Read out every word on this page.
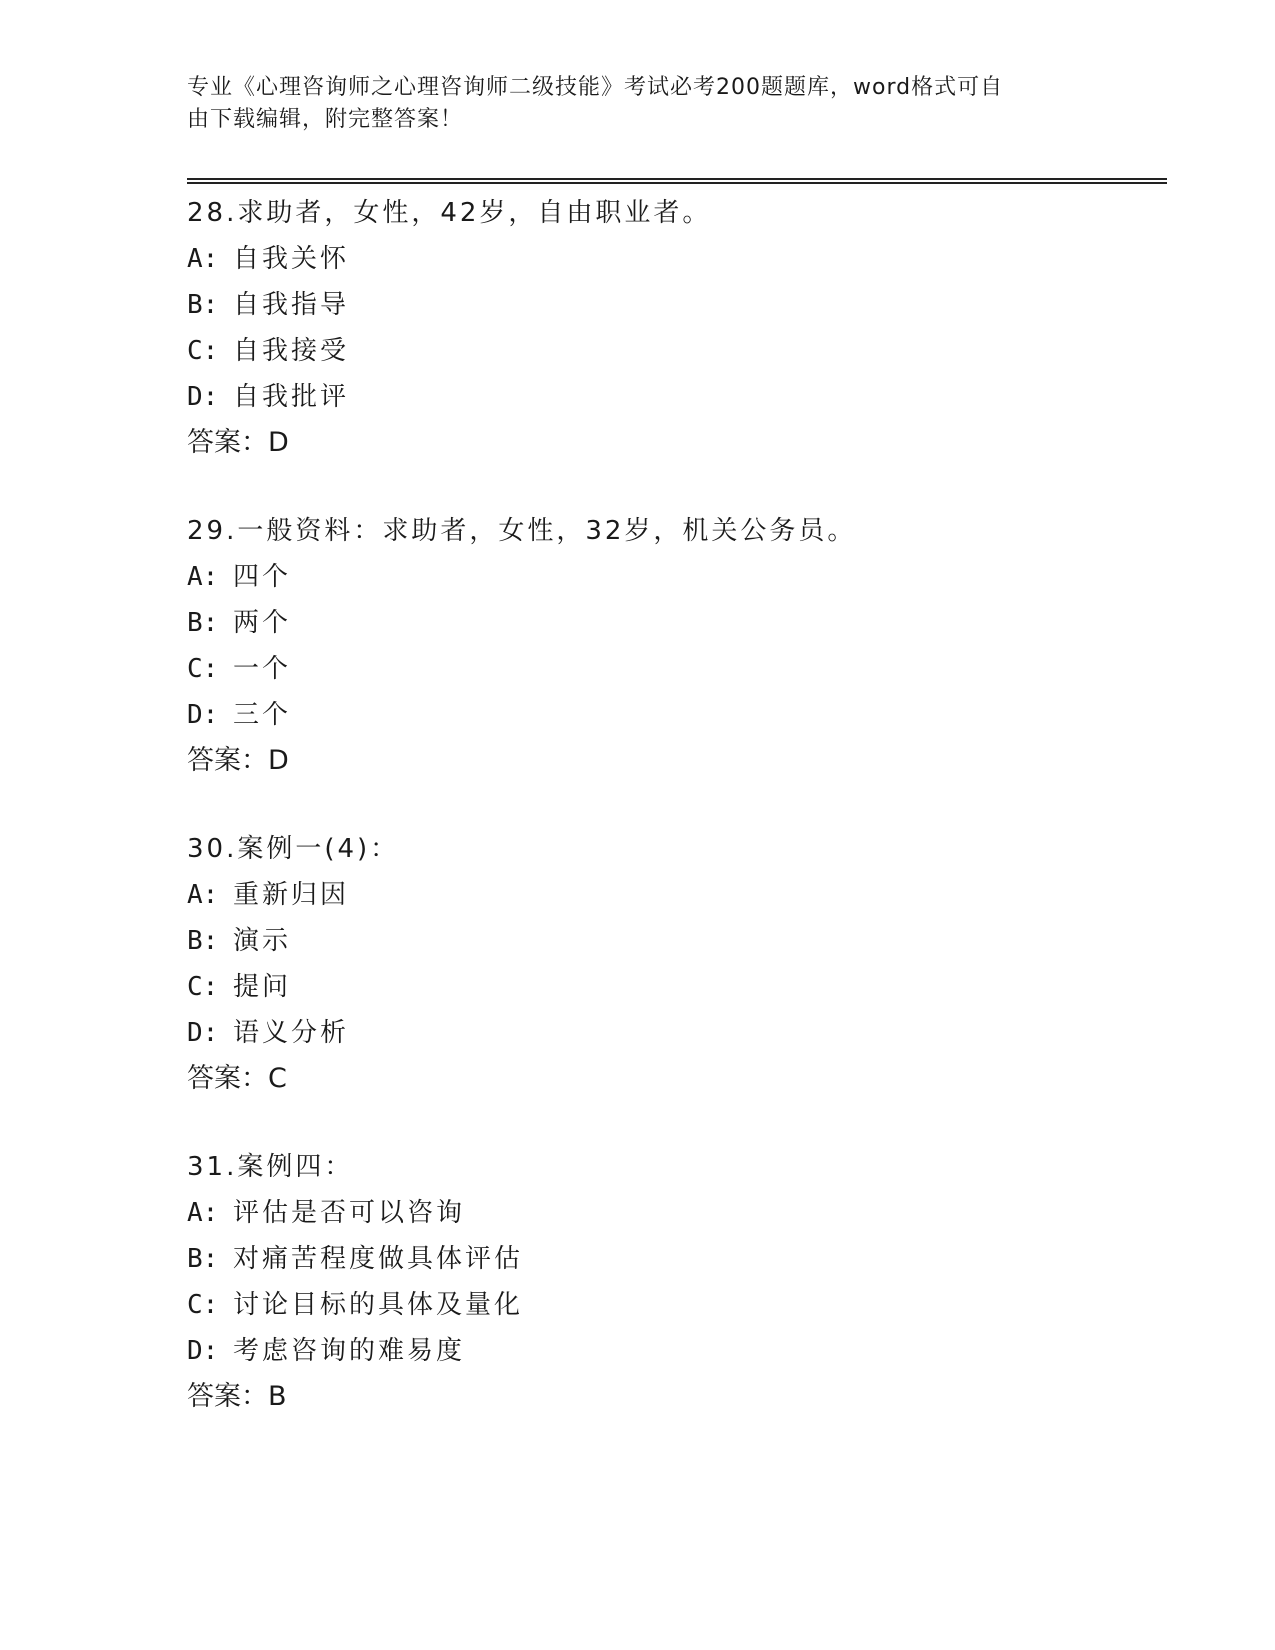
专业《心理咨询师之心理咨询师二级技能》考试必考200题题库，word格式可自
由下载编辑，附完整答案！
28.求助者，女性，42岁，自由职业者。
A: 自我关怀
B: 自我指导
C: 自我接受
D: 自我批评
答案：D
29.一般资料：求助者，女性，32岁，机关公务员。
A: 四个
B: 两个
C: 一个
D: 三个
答案：D
30.案例一(4)：
A: 重新归因
B: 演示
C: 提问
D: 语义分析
答案：C
31.案例四：
A: 评估是否可以咨询
B: 对痛苦程度做具体评估
C: 讨论目标的具体及量化
D: 考虑咨询的难易度
答案：B
